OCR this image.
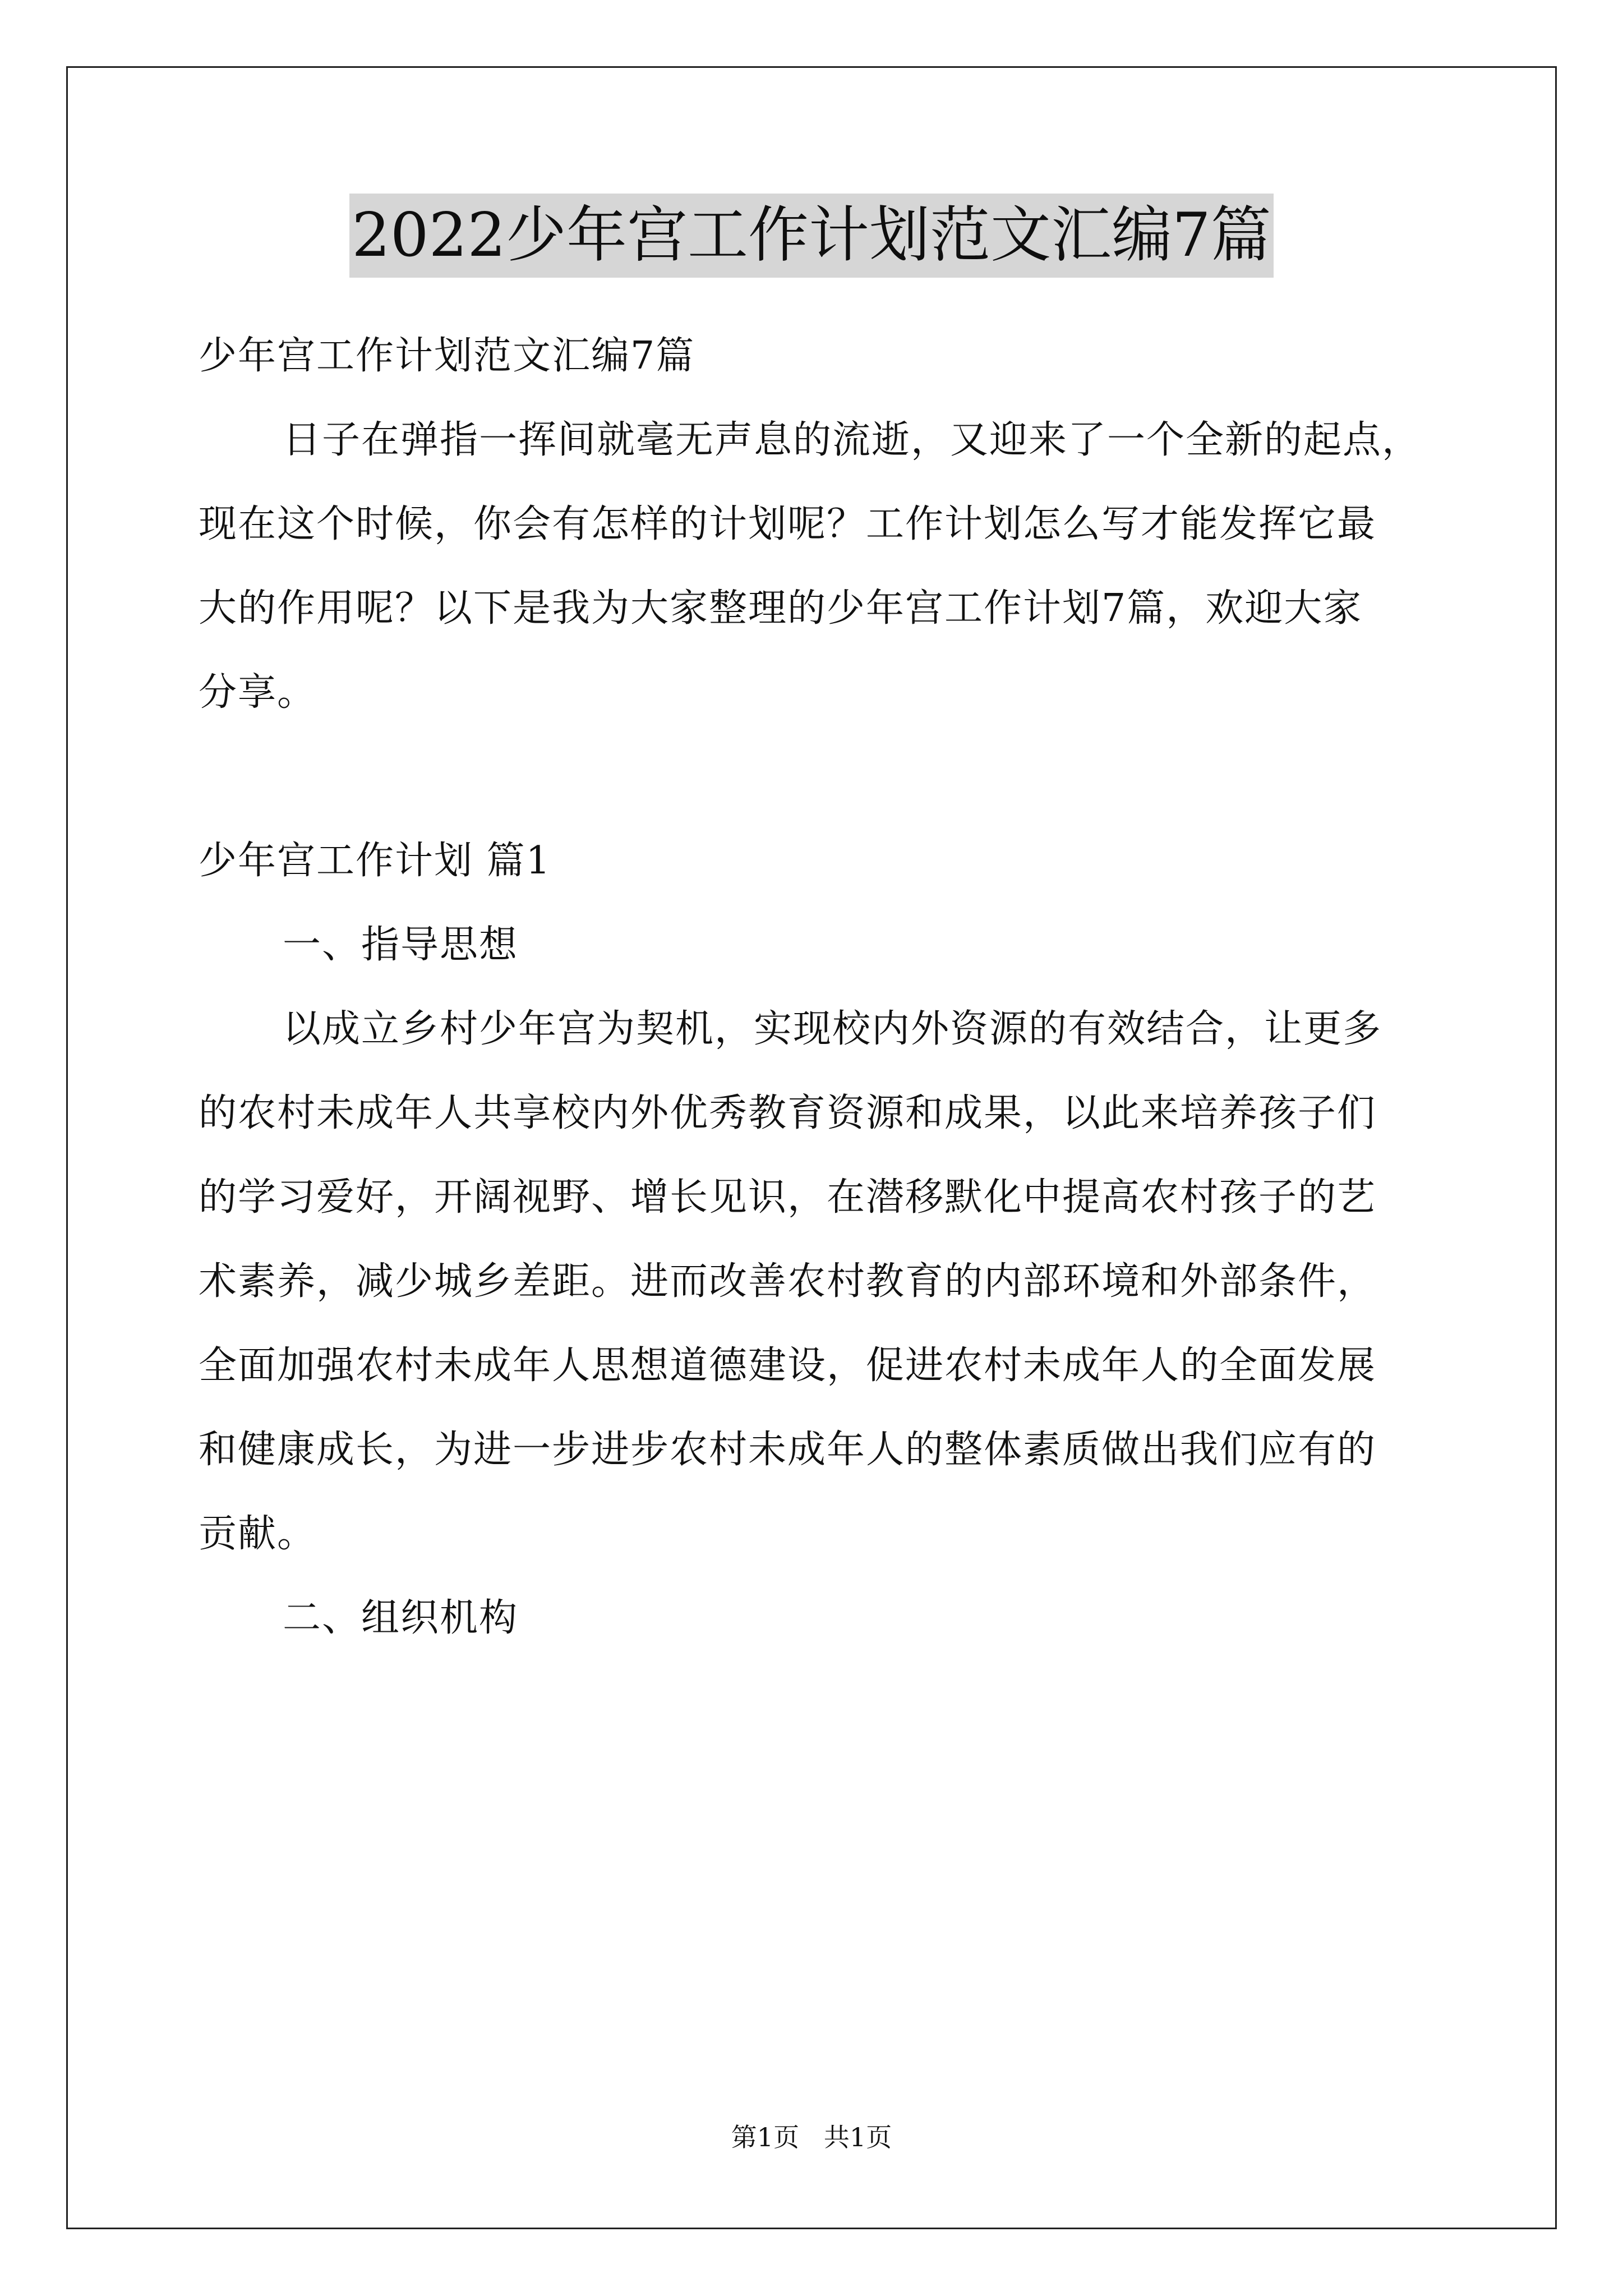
2022少年宫工作计划范文汇编7篇
少年宫工作计划范文汇编7篇
日子在弹指一挥间就毫无声息的流逝，又迎来了一个全新的起点，
现在这个时候，你会有怎样的计划呢？工作计划怎么写才能发挥它最
大的作用呢？以下是我为大家整理的少年宫工作计划7篇，欢迎大家
分享。
少年宫工作计划 篇1
一、指导思想
以成立乡村少年宫为契机，实现校内外资源的有效结合，让更多
的农村未成年人共享校内外优秀教育资源和成果，以此来培养孩子们
的学习爱好，开阔视野、增长见识，在潜移默化中提高农村孩子的艺
术素养，减少城乡差距。进而改善农村教育的内部环境和外部条件，
全面加强农村未成年人思想道德建设，促进农村未成年人的全面发展
和健康成长，为进一步进步农村未成年人的整体素质做出我们应有的
贡献。
二、组织机构
第1页   共1页
